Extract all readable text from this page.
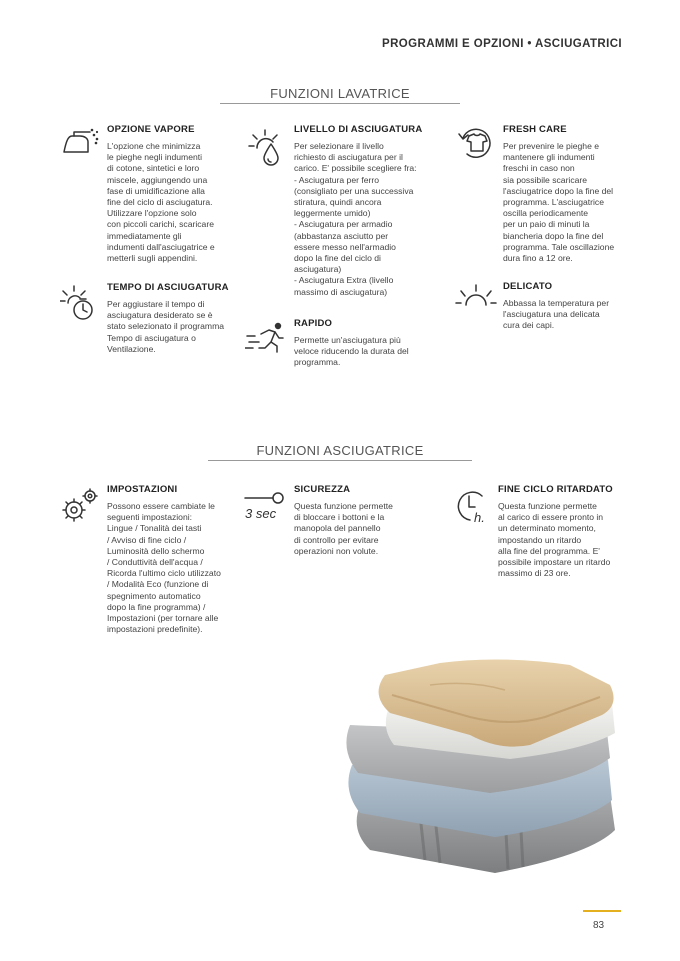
PROGRAMMI E OPZIONI • ASCIUGATRICI
FUNZIONI LAVATRICE
OPZIONE VAPORE
L'opzione che minimizza
le pieghe negli indumenti
di cotone, sintetici e loro
miscele, aggiungendo una
fase di umidificazione alla
fine del ciclo di asciugatura.
Utilizzare l'opzione solo
con piccoli carichi, scaricare
immediatamente gli
indumenti dall'asciugatrice e
metterli sugli appendini.
LIVELLO DI ASCIUGATURA
Per selezionare il livello
richiesto di asciugatura per il
carico. E' possibile scegliere fra:
- Asciugatura per ferro
(consigliato per una successiva
stiratura, quindi ancora
leggermente umido)
- Asciugatura per armadio
(abbastanza asciutto per
essere messo nell'armadio
dopo la fine del ciclo di
asciugatura)
- Asciugatura Extra (livello
massimo di asciugatura)
FRESH CARE
Per prevenire le pieghe e
mantenere gli indumenti
freschi in caso non
sia possibile scaricare
l'asciugatrice dopo la fine del
programma. L'asciugatrice
oscilla periodicamente
per un paio di minuti la
biancheria dopo la fine del
programma. Tale oscillazione
dura fino a 12 ore.
TEMPO DI ASCIUGATURA
Per aggiustare il tempo di
asciugatura desiderato se è
stato selezionato il programma
Tempo di asciugatura o
Ventilazione.
RAPIDO
Permette un'asciugatura più
veloce riducendo la durata del
programma.
DELICATO
Abbassa la temperatura per
l'asciugatura una delicata
cura dei capi.
FUNZIONI ASCIUGATRICE
IMPOSTAZIONI
Possono essere cambiate le
seguenti impostazioni:
Lingue / Tonalità dei tasti
/ Avviso di fine ciclo /
Luminosità dello schermo
/ Conduttività dell'acqua /
Ricorda l'ultimo ciclo utilizzato
/ Modalità Eco (funzione di
spegnimento automatico
dopo la fine programma) /
Impostazioni (per tornare alle
impostazioni predefinite).
3 sec
SICUREZZA
Questa funzione permette
di bloccare i bottoni e la
manopola del pannello
di controllo per evitare
operazioni non volute.
h.
FINE CICLO RITARDATO
Questa funzione permette
al carico di essere pronto in
un determinato momento,
impostando un ritardo
alla fine del programma. E'
possibile impostare un ritardo
massimo di 23 ore.
83
